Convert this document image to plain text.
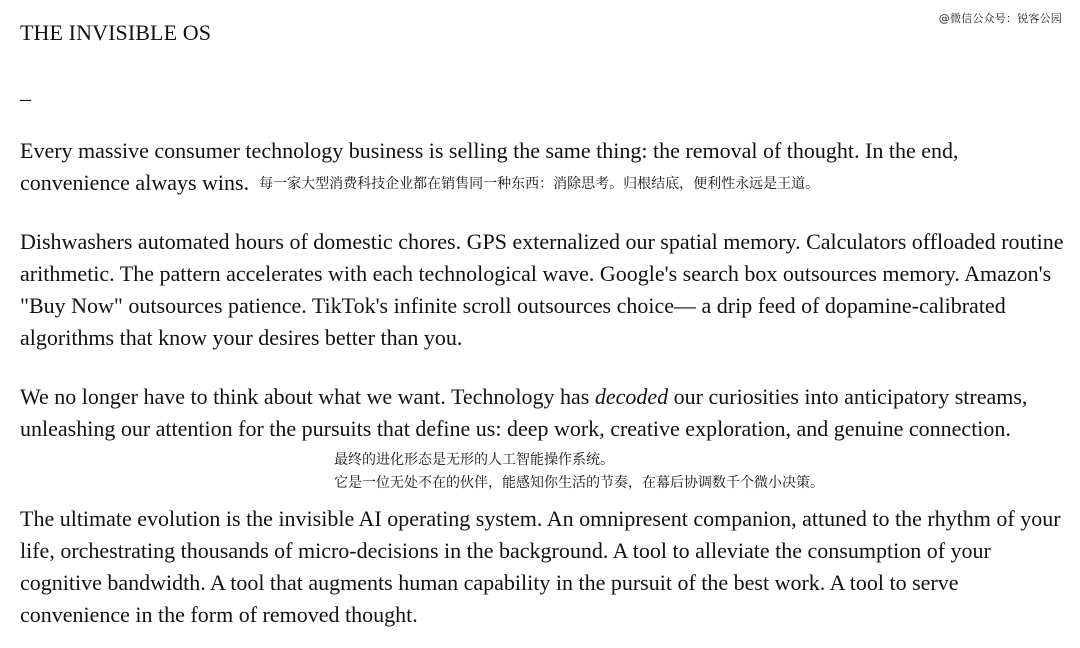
@微信公众号：锐客公园
THE INVISIBLE OS
_

Every massive consumer technology business is selling the same thing: the removal of thought. In the end, convenience always wins. 每一家大型消费科技企业都在销售同一种东西：消除思考。归根结底，便利性永远是王道。

Dishwashers automated hours of domestic chores. GPS externalized our spatial memory. Calculators offloaded routine arithmetic. The pattern accelerates with each technological wave. Google's search box outsources memory. Amazon's "Buy Now" outsources patience. TikTok's infinite scroll outsources choice— a drip feed of dopamine-calibrated algorithms that know your desires better than you.

We no longer have to think about what we want. Technology has decoded our curiosities into anticipatory streams, unleashing our attention for the pursuits that define us: deep work, creative exploration, and genuine connection.

最终的进化形态是无形的人工智能操作系统。
它是一位无处不在的伙伴，能感知你生活的节奏，在幕后协调数千个微小决策。

The ultimate evolution is the invisible AI operating system. An omnipresent companion, attuned to the rhythm of your life, orchestrating thousands of micro-decisions in the background. A tool to alleviate the consumption of your cognitive bandwidth. A tool that augments human capability in the pursuit of the best work. A tool to serve convenience in the form of removed thought.
